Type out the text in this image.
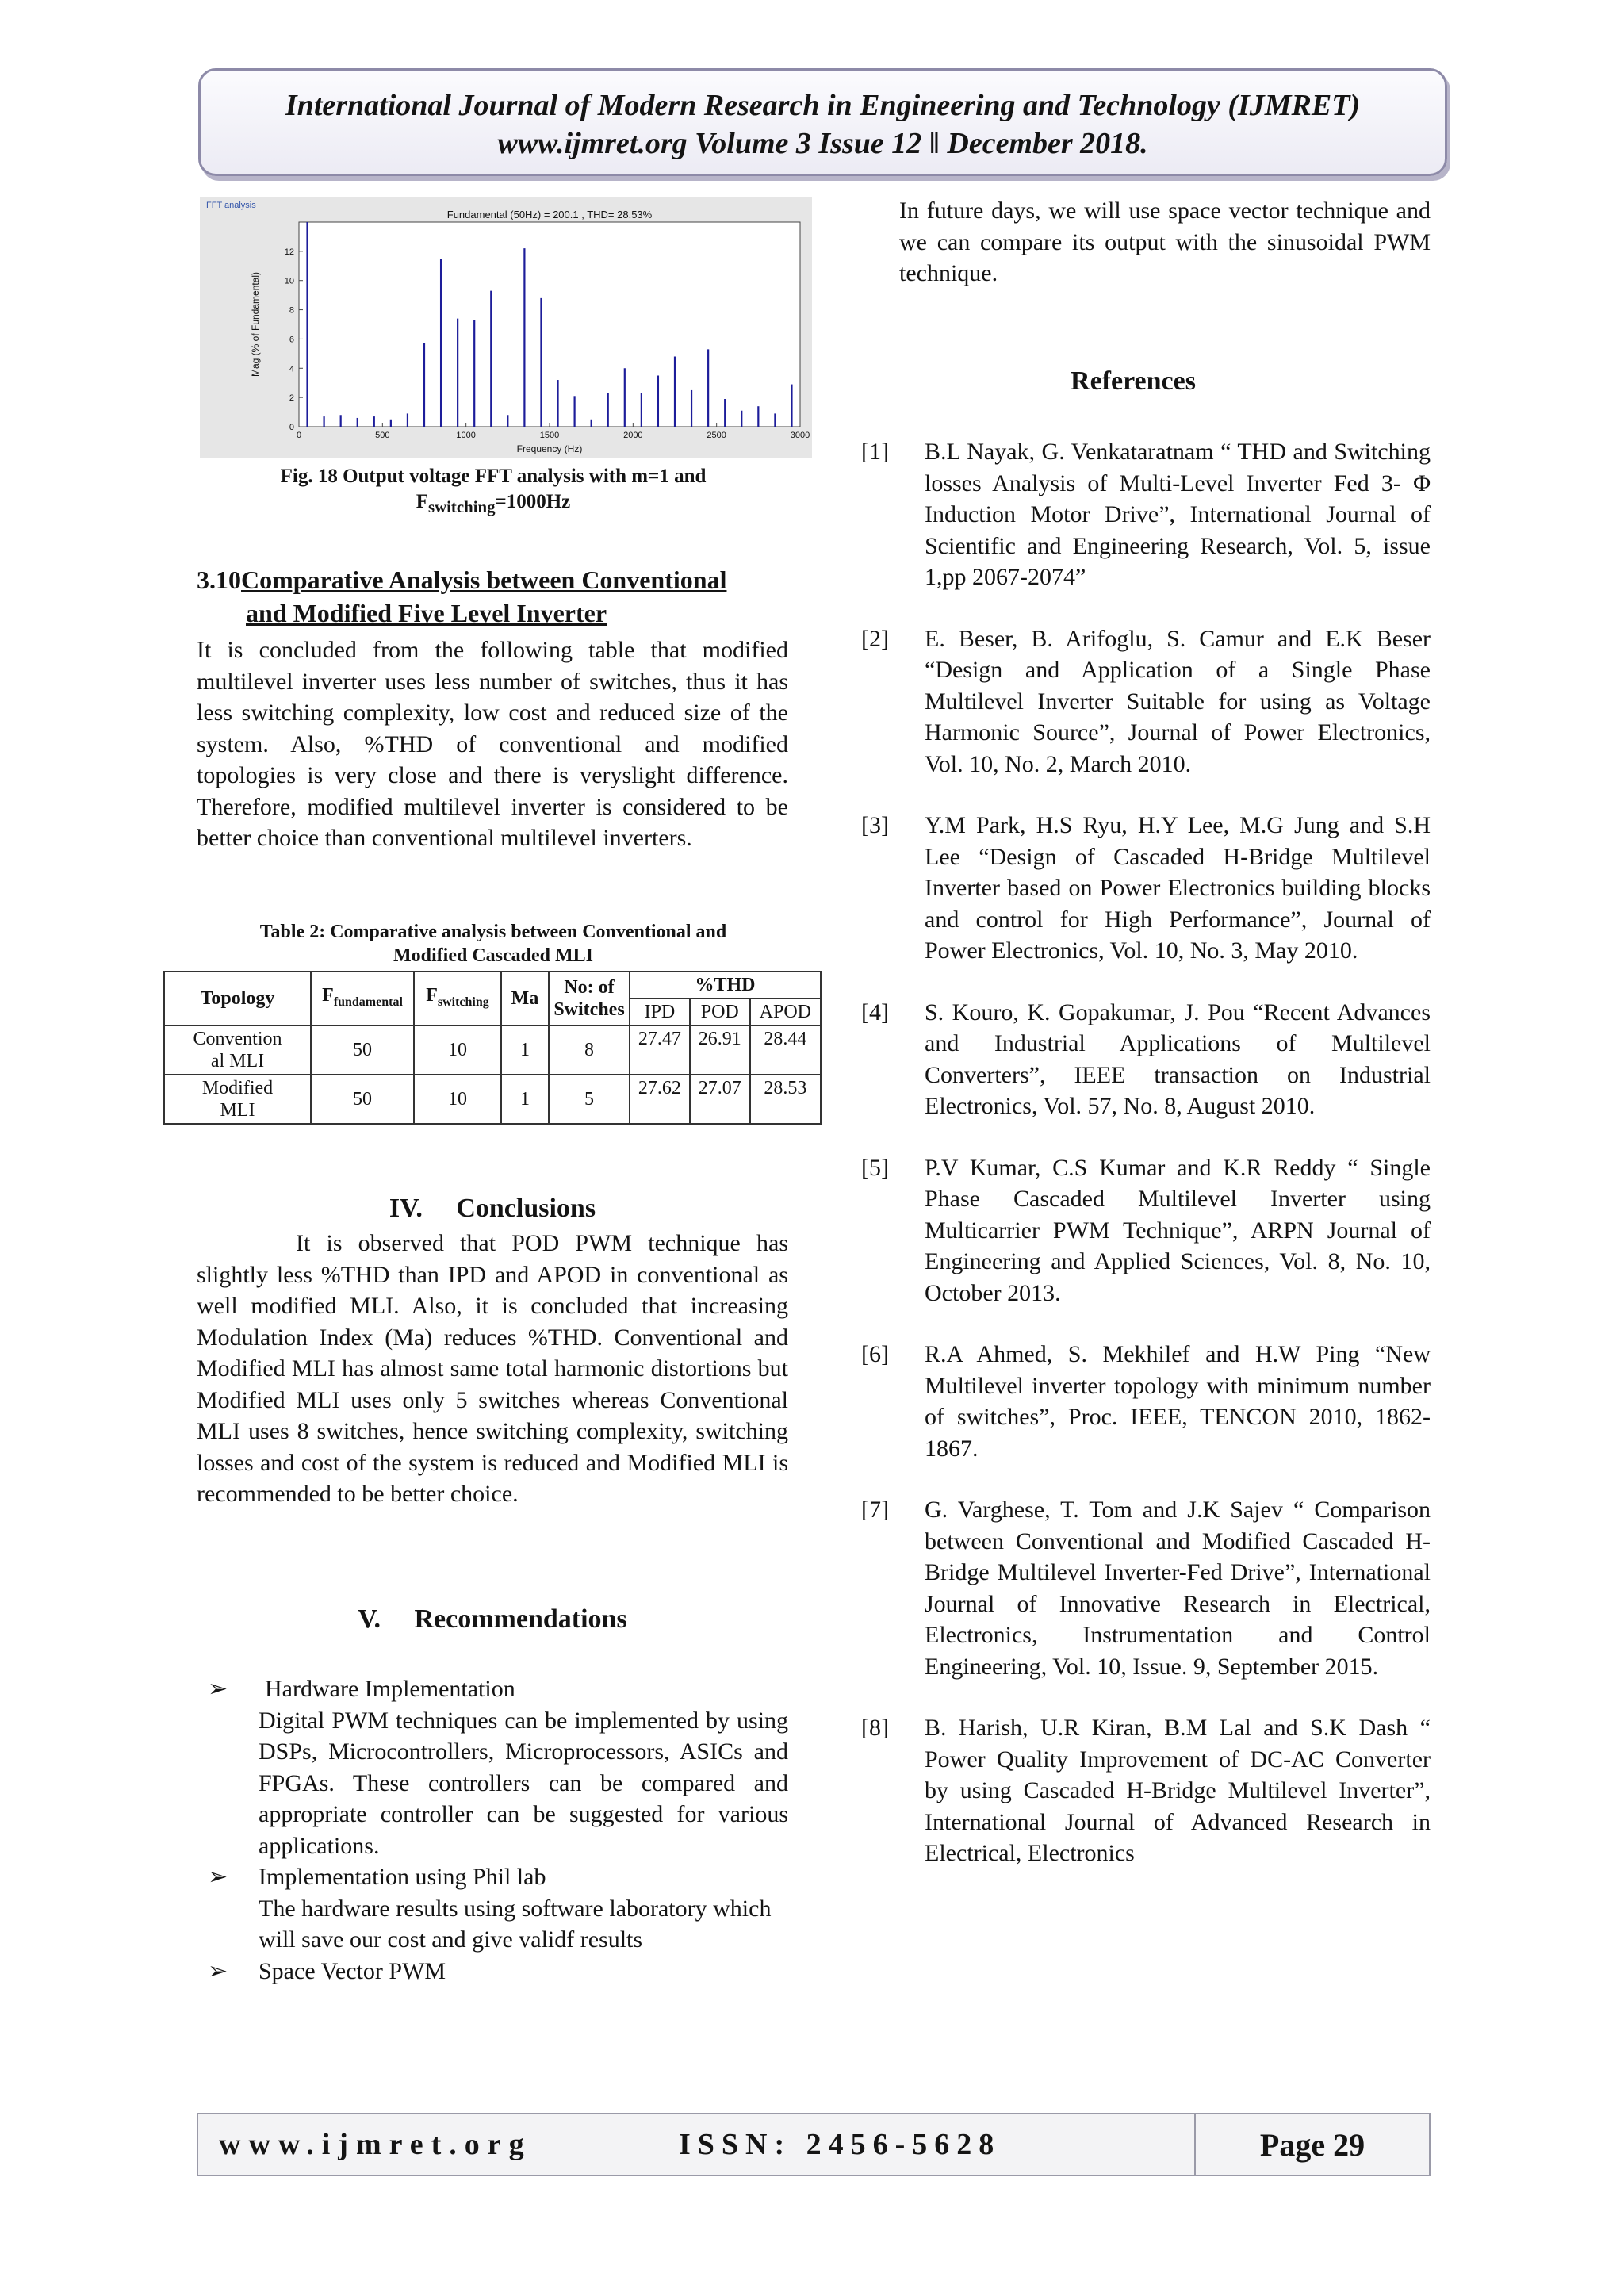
International Journal of Modern Research in Engineering and Technology (IJMRET)
www.ijmret.org Volume 3 Issue 12 ǁ December 2018.
FFT analysis
Fundamental (50Hz) = 200.1 , THD= 28.53%
0
2
4
6
8
10
12
0	500	1000	1500	2000	2500	3000
Frequency (Hz)
Mag (% of Fundamental)
Fig. 18 Output voltage FFT analysis with m=1 and
$F_{switching}=1000Hz$
3.10Comparative Analysis between Conventional
and Modified Five Level Inverter

It is concluded from the following table that modified multilevel inverter uses less number of switches, thus it has less switching complexity, low cost and reduced size of the system. Also, %THD of conventional and modified topologies is very close and there is veryslight difference. Therefore, modified multilevel inverter is considered to be better choice than conventional multilevel inverters.

Table 2: Comparative analysis between Conventional and
Modified Cascaded MLI
Topology	$F_{fundamental}$	$F_{switching}$	Ma	No: of
Switches	%THD		
					IPD	POD	APOD
Convention
al MLI	50	10	1	8	27.47	26.91	28.44
Modified
MLI	50	10	1	5	27.62	27.07	28.53
IV. Conclusions

It is observed that POD PWM technique has slightly less %THD than IPD and APOD in conventional as well modified MLI. Also, it is concluded that increasing Modulation Index (Ma) reduces %THD. Conventional and Modified MLI has almost same total harmonic distortions but Modified MLI uses only 5 switches whereas Conventional MLI uses 8 switches, hence switching complexity, switching losses and cost of the system is reduced and Modified MLI is recommended to be better choice.

V. Recommendations
➢ Hardware Implementation
Digital PWM techniques can be implemented by using DSPs, Microcontrollers, Microprocessors, ASICs and FPGAs. These controllers can be compared and appropriate controller can be suggested for various applications.
➢ Implementation using Phil lab
The hardware results using software laboratory which will save our cost and give validf results
➢ Space Vector PWM

In future days, we will use space vector technique and we can compare its output with the sinusoidal PWM technique.

References
[1] B.L Nayak, G. Venkataratnam “ THD and Switching losses Analysis of Multi-Level Inverter Fed 3- Φ Induction Motor Drive”, International Journal of Scientific and Engineering Research, Vol. 5, issue 1,pp 2067-2074”
[2] E. Beser, B. Arifoglu, S. Camur and E.K Beser “Design and Application of a Single Phase Multilevel Inverter Suitable for using as Voltage Harmonic Source”, Journal of Power Electronics, Vol. 10, No. 2, March 2010.
[3] Y.M Park, H.S Ryu, H.Y Lee, M.G Jung and S.H Lee “Design of Cascaded H-Bridge Multilevel Inverter based on Power Electronics building blocks and control for High Performance”, Journal of Power Electronics, Vol. 10, No. 3, May 2010.
[4] S. Kouro, K. Gopakumar, J. Pou “Recent Advances and Industrial Applications of Multilevel Converters”, IEEE transaction on Industrial Electronics, Vol. 57, No. 8, August 2010.
[5] P.V Kumar, C.S Kumar and K.R Reddy “ Single Phase Cascaded Multilevel Inverter using Multicarrier PWM Technique”, ARPN Journal of Engineering and Applied Sciences, Vol. 8, No. 10, October 2013.
[6] R.A Ahmed, S. Mekhilef and H.W Ping “New Multilevel inverter topology with minimum number of switches”, Proc. IEEE, TENCON 2010, 1862-1867.
[7] G. Varghese, T. Tom and J.K Sajev “ Comparison between Conventional and Modified Cascaded H-Bridge Multilevel Inverter-Fed Drive”, International Journal of Innovative Research in Electrical, Electronics, Instrumentation and Control Engineering, Vol. 10, Issue. 9, September 2015.
[8] B. Harish, U.R Kiran, B.M Lal and S.K Dash “ Power Quality Improvement of DC-AC Converter by using Cascaded H-Bridge Multilevel Inverter”, International Journal of Advanced Research in Electrical, Electronics
www.ijmret.org	ISSN: 2456-5628	Page 29
